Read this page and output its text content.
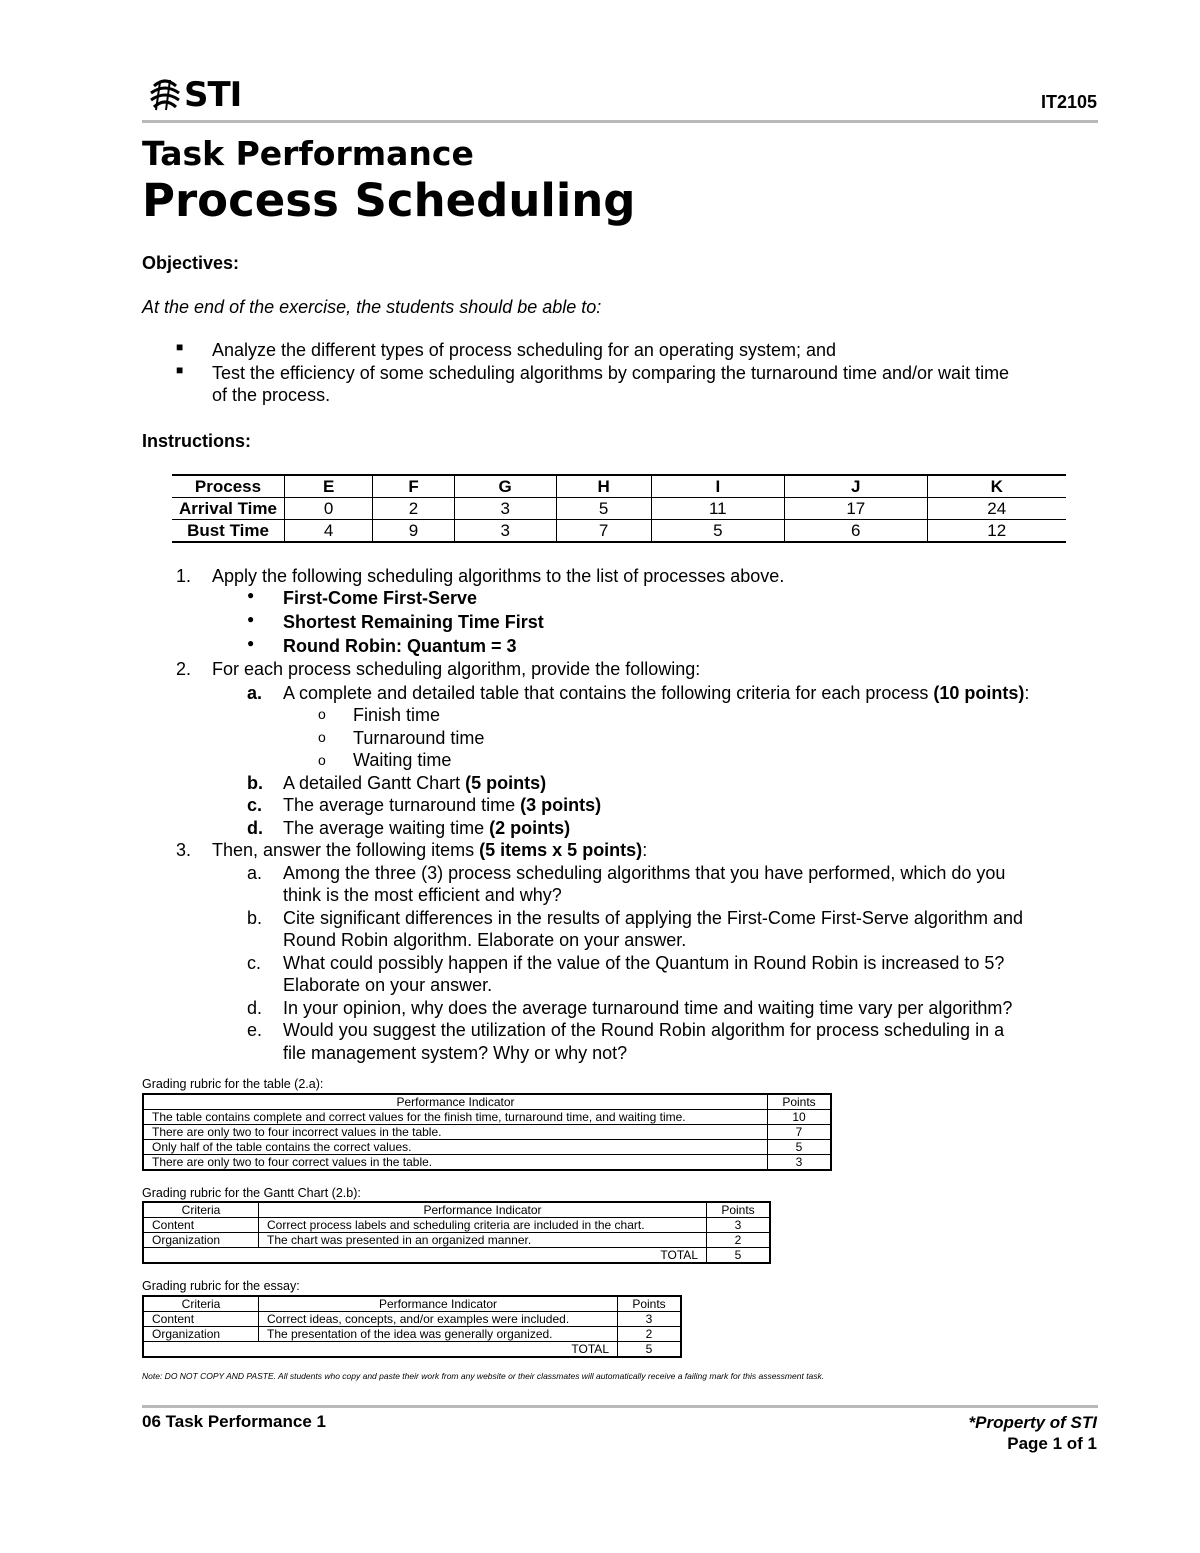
STI	IT2105
Task Performance
Process Scheduling
Objectives:
At the end of the exercise, the students should be able to:
■ Analyze the different types of process scheduling for an operating system; and
■ Test the efficiency of some scheduling algorithms by comparing the turnaround time and/or wait time
of the process.
Instructions:
Process	E	F	G	H	I	J	K
Arrival Time	0	2	3	5	11	17	24
Bust Time	4	9	3	7	5	6	12
1. Apply the following scheduling algorithms to the list of processes above.
● First-Come First-Serve
● Shortest Remaining Time First
● Round Robin: Quantum = 3
2. For each process scheduling algorithm, provide the following:
a. A complete and detailed table that contains the following criteria for each process (10 points):
o Finish time
o Turnaround time
o Waiting time
b. A detailed Gantt Chart (5 points)
c. The average turnaround time (3 points)
d. The average waiting time (2 points)
3. Then, answer the following items (5 items x 5 points):
a. Among the three (3) process scheduling algorithms that you have performed, which do you
think is the most efficient and why?
b. Cite significant differences in the results of applying the First-Come First-Serve algorithm and
Round Robin algorithm. Elaborate on your answer.
c. What could possibly happen if the value of the Quantum in Round Robin is increased to 5?
Elaborate on your answer.
d. In your opinion, why does the average turnaround time and waiting time vary per algorithm?
e. Would you suggest the utilization of the Round Robin algorithm for process scheduling in a
file management system? Why or why not?
Grading rubric for the table (2.a):
Performance Indicator	Points
The table contains complete and correct values for the finish time, turnaround time, and waiting time.	10
There are only two to four incorrect values in the table.	7
Only half of the table contains the correct values.	5
There are only two to four correct values in the table.	3
Grading rubric for the Gantt Chart (2.b):
Criteria	Performance Indicator	Points
Content	Correct process labels and scheduling criteria are included in the chart.	3
Organization	The chart was presented in an organized manner.	2
TOTAL		5
Grading rubric for the essay:
Criteria	Performance Indicator	Points
Content	Correct ideas, concepts, and/or examples were included.	3
Organization	The presentation of the idea was generally organized.	2
TOTAL		5
Note: DO NOT COPY AND PASTE. All students who copy and paste their work from any website or their classmates will automatically receive a failing mark for this assessment task.
06 Task Performance 1	*Property of STI
Page 1 of 1
